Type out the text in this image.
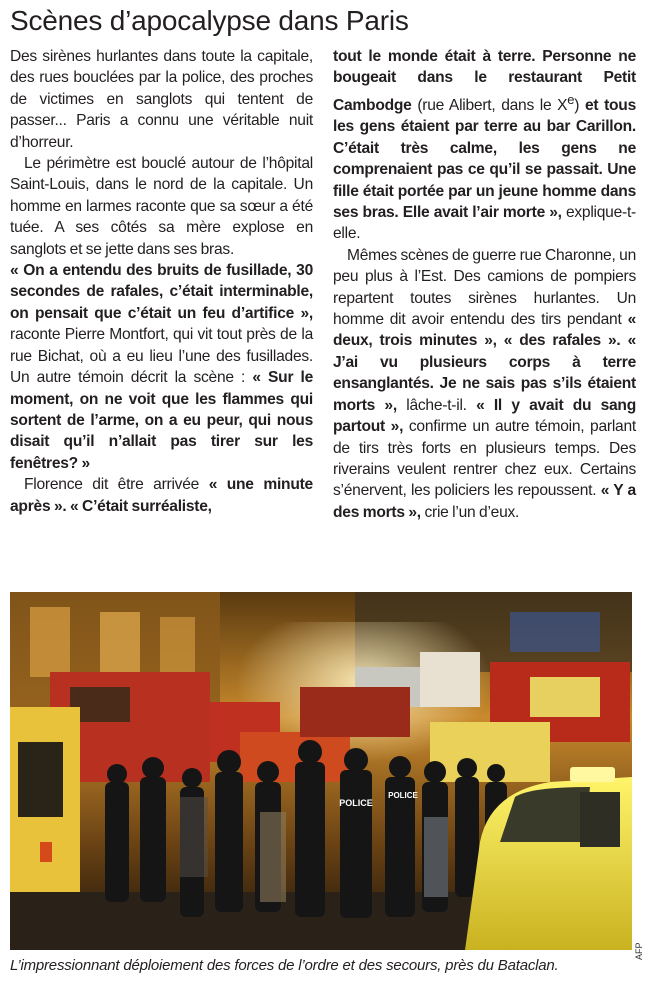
Scènes d’apocalypse dans Paris

Des sirènes hurlantes dans toute la capitale, des rues bouclées par la police, des proches de victimes en sanglots qui tentent de passer... Paris a connu une véritable nuit d’horreur.

Le périmètre est bouclé autour de l’hôpital Saint-Louis, dans le nord de la capitale. Un homme en larmes raconte que sa sœur a été tuée. A ses côtés sa mère explose en sanglots et se jette dans ses bras.

« On a entendu des bruits de fusillade, 30 secondes de rafales, c’était interminable, on pensait que c’était un feu d’artifice », raconte Pierre Montfort, qui vit tout près de la rue Bichat, où a eu lieu l’une des fusillades. Un autre témoin décrit la scène : « Sur le moment, on ne voit que les flammes qui sortent de l’arme, on a eu peur, qui nous disait qu’il n’allait pas tirer sur les fenêtres? »

Florence dit être arrivée « une minute après ». « C’était surréaliste,

tout le monde était à terre. Personne ne bougeait dans le restaurant Petit Cambodge (rue Alibert, dans le Xe) et tous les gens étaient par terre au bar Carillon. C’était très calme, les gens ne comprenaient pas ce qu’il se passait. Une fille était portée par un jeune homme dans ses bras. Elle avait l’air morte », explique-t-elle.

Mêmes scènes de guerre rue Charonne, un peu plus à l’Est. Des camions de pompiers repartent toutes sirènes hurlantes. Un homme dit avoir entendu des tirs pendant « deux, trois minutes », « des rafales ». « J’ai vu plusieurs corps à terre ensanglantés. Je ne sais pas s’ils étaient morts », lâche-t-il. « Il y avait du sang partout », confirme un autre témoin, parlant de tirs très forts en plusieurs temps. Des riverains veulent rentrer chez eux. Certains s’énervent, les policiers les repoussent. « Y a des morts », crie l’un d’eux.

POLICE
POLICE
AFP

L’impressionnant déploiement des forces de l’ordre et des secours, près du Bataclan.
